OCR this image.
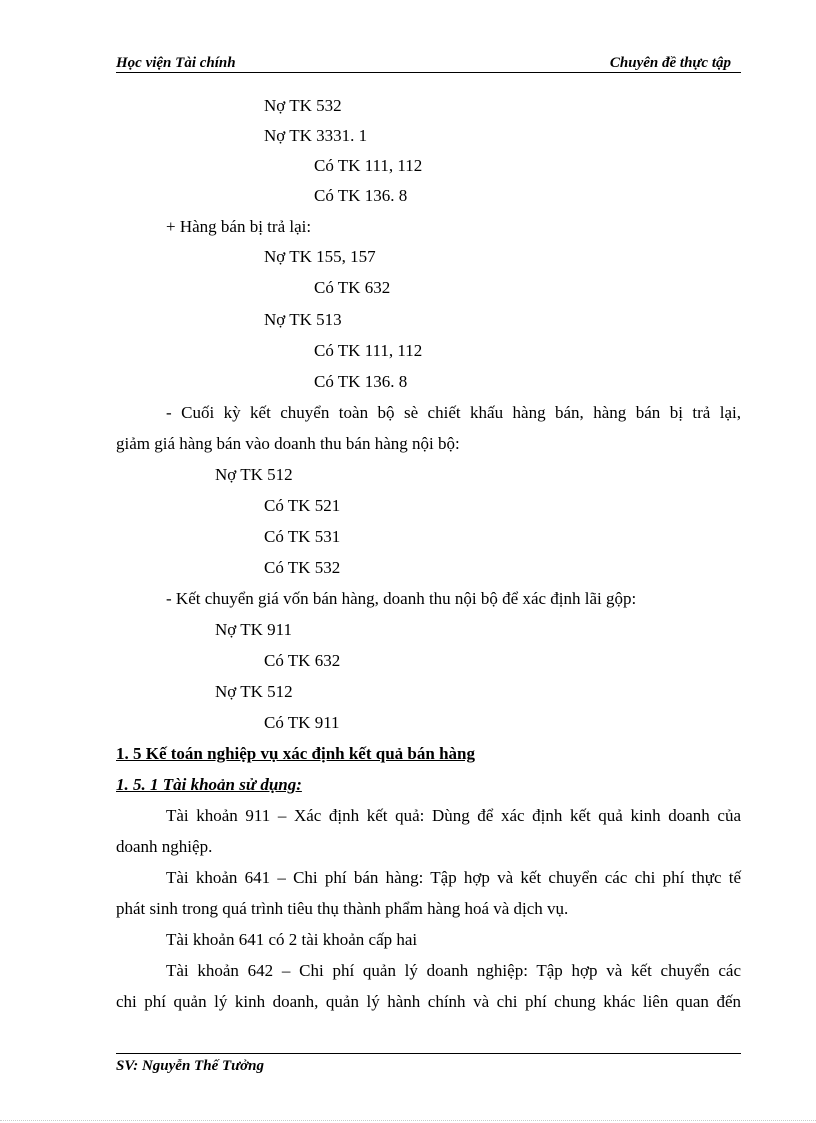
Học viện Tài chính	Chuyên đề thực tập
Nợ TK 532
Nợ TK 3331. 1
Có TK 111, 112
Có TK 136. 8
+ Hàng bán bị trả lại:
Nợ TK 155, 157
Có TK 632
Nợ TK 513
Có TK 111, 112
Có TK 136. 8
- Cuối kỳ kết chuyển toàn bộ sè chiết khấu hàng bán, hàng bán bị trả lại,
giảm giá hàng bán vào doanh thu bán hàng nội bộ:
Nợ TK 512
Có TK 521
Có TK 531
Có TK 532
- Kết chuyển giá vốn bán hàng, doanh thu nội bộ để xác định lãi gộp:
Nợ TK 911
Có TK 632
Nợ TK 512
Có TK 911
1. 5 Kế toán nghiệp vụ xác định kết quả bán hàng
1. 5. 1 Tài khoản sử dụng:
Tài khoản 911 – Xác định kết quả: Dùng để xác định kết quả kinh doanh của
doanh nghiệp.
Tài khoản 641 – Chi phí bán hàng: Tập hợp và kết chuyển các chi phí thực tế
phát sinh trong quá trình tiêu thụ thành phẩm hàng hoá và dịch vụ.
Tài khoản 641 có 2 tài khoản cấp hai
Tài khoản 642 – Chi phí quản lý doanh nghiệp: Tập hợp và kết chuyển các
chi phí quản lý kinh doanh, quản lý hành chính và chi phí chung khác liên quan đến
SV: Nguyễn Thế Tưởng
